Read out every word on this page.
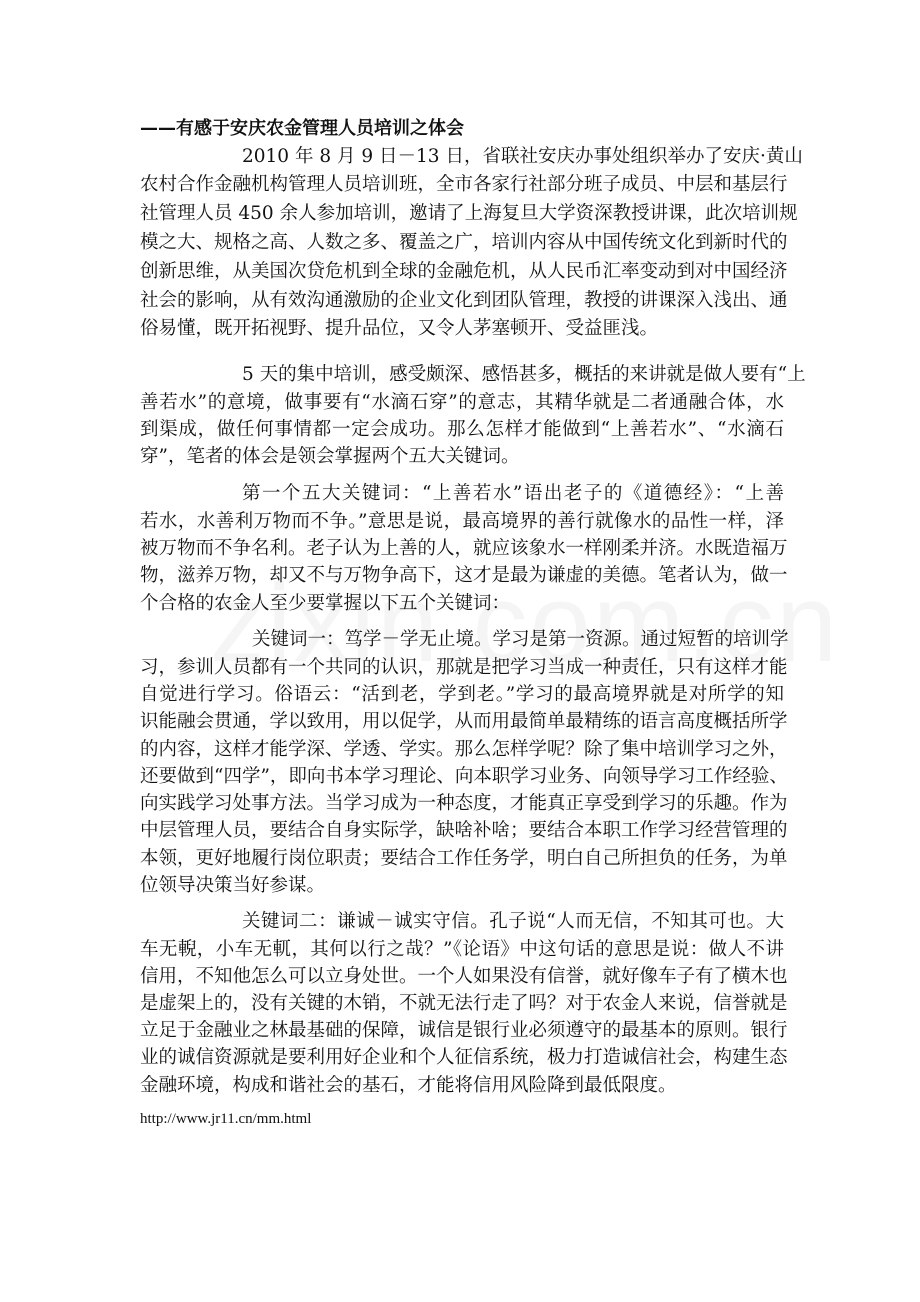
——有感于安庆农金管理人员培训之体会
2010 年 8 月 9 日－13 日，省联社安庆办事处组织举办了安庆·黄山
农村合作金融机构管理人员培训班，全市各家行社部分班子成员、中层和基层行
社管理人员 450 余人参加培训，邀请了上海复旦大学资深教授讲课，此次培训规
模之大、规格之高、人数之多、覆盖之广，培训内容从中国传统文化到新时代的
创新思维，从美国次贷危机到全球的金融危机，从人民币汇率变动到对中国经济
社会的影响，从有效沟通激励的企业文化到团队管理，教授的讲课深入浅出、通
俗易懂，既开拓视野、提升品位，又令人茅塞顿开、受益匪浅。
5 天的集中培训，感受颇深、感悟甚多，概括的来讲就是做人要有“上
善若水”的意境，做事要有“水滴石穿”的意志，其精华就是二者通融合体，水
到渠成，做任何事情都一定会成功。那么怎样才能做到“上善若水”、“水滴石
穿”，笔者的体会是领会掌握两个五大关键词。
第一个五大关键词：“上善若水”语出老子的《道德经》：“上善
若水，水善利万物而不争。”意思是说，最高境界的善行就像水的品性一样，泽
被万物而不争名利。老子认为上善的人，就应该象水一样刚柔并济。水既造福万
物，滋养万物，却又不与万物争高下，这才是最为谦虚的美德。笔者认为，做一
个合格的农金人至少要掌握以下五个关键词：
关键词一：笃学－学无止境。学习是第一资源。通过短暂的培训学
习，参训人员都有一个共同的认识，那就是把学习当成一种责任，只有这样才能
自觉进行学习。俗语云：“活到老，学到老。”学习的最高境界就是对所学的知
识能融会贯通，学以致用，用以促学，从而用最简单最精练的语言高度概括所学
的内容，这样才能学深、学透、学实。那么怎样学呢？除了集中培训学习之外，
还要做到“四学”，即向书本学习理论、向本职学习业务、向领导学习工作经验、
向实践学习处事方法。当学习成为一种态度，才能真正享受到学习的乐趣。作为
中层管理人员，要结合自身实际学，缺啥补啥；要结合本职工作学习经营管理的
本领，更好地履行岗位职责；要结合工作任务学，明白自己所担负的任务，为单
位领导决策当好参谋。
关键词二：谦诚－诚实守信。孔子说“人而无信，不知其可也。大
车无輗，小车无軏，其何以行之哉？”《论语》中这句话的意思是说：做人不讲
信用，不知他怎么可以立身处世。一个人如果没有信誉，就好像车子有了横木也
是虚架上的，没有关键的木销，不就无法行走了吗？对于农金人来说，信誉就是
立足于金融业之林最基础的保障，诚信是银行业必须遵守的最基本的原则。银行
业的诚信资源就是要利用好企业和个人征信系统，极力打造诚信社会，构建生态
金融环境，构成和谐社会的基石，才能将信用风险降到最低限度。
http://www.jr11.cn/mm.html
